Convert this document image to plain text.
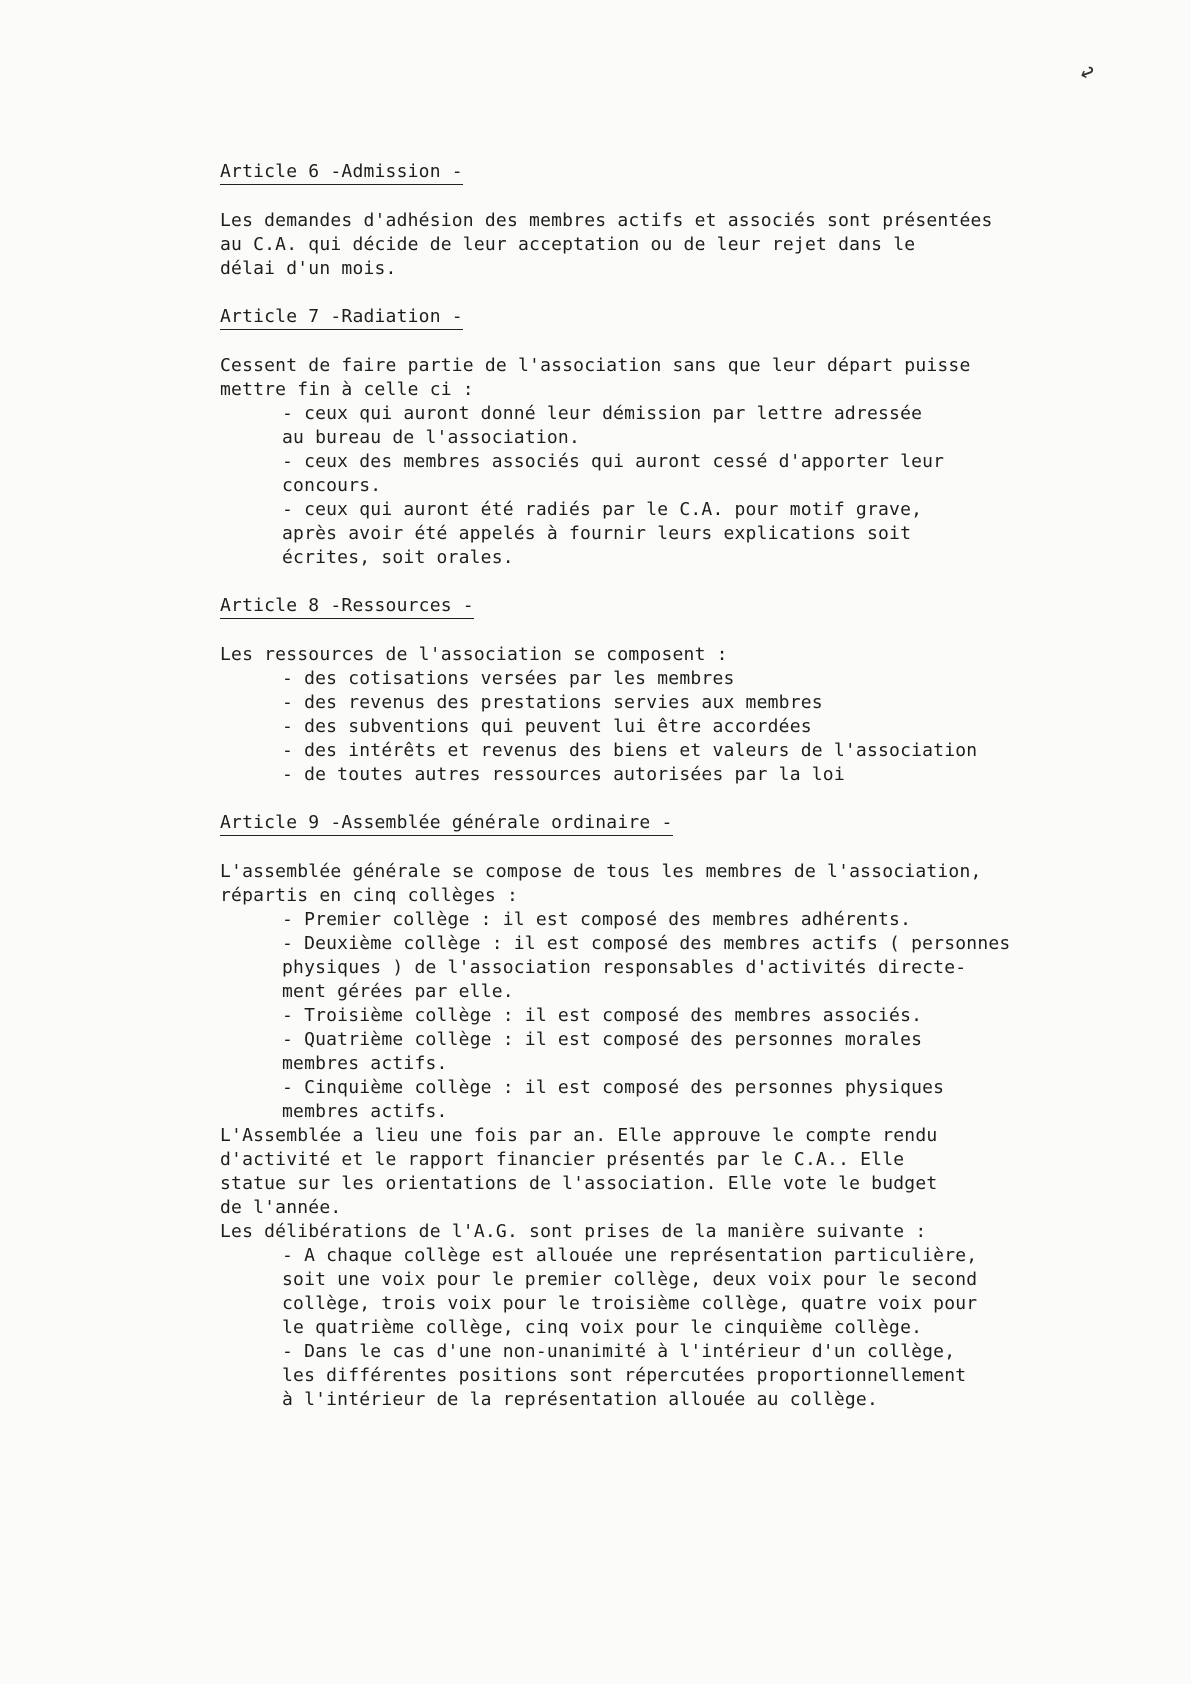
↩
Article 6 -Admission -
Les demandes d'adhésion des membres actifs et associés sont présentées
au C.A. qui décide de leur acceptation ou de leur rejet dans le
délai d'un mois.
Article 7 -Radiation -
Cessent de faire partie de l'association sans que leur départ puisse
mettre fin à celle ci :
- ceux qui auront donné leur démission par lettre adressée
au bureau de l'association.
- ceux des membres associés qui auront cessé d'apporter leur
concours.
- ceux qui auront été radiés par le C.A. pour motif grave,
après avoir été appelés à fournir leurs explications soit
écrites, soit orales.
Article 8 -Ressources -
Les ressources de l'association se composent :
- des cotisations versées par les membres
- des revenus des prestations servies aux membres
- des subventions qui peuvent lui être accordées
- des intérêts et revenus des biens et valeurs de l'association
- de toutes autres ressources autorisées par la loi
Article 9 -Assemblée générale ordinaire -
L'assemblée générale se compose de tous les membres de l'association,
répartis en cinq collèges :
- Premier collège : il est composé des membres adhérents.
- Deuxième collège : il est composé des membres actifs ( personnes
physiques ) de l'association responsables d'activités directe-
ment gérées par elle.
- Troisième collège : il est composé des membres associés.
- Quatrième collège : il est composé des personnes morales
membres actifs.
- Cinquième collège : il est composé des personnes physiques
membres actifs.
L'Assemblée a lieu une fois par an. Elle approuve le compte rendu
d'activité et le rapport financier présentés par le C.A.. Elle
statue sur les orientations de l'association. Elle vote le budget
de l'année.
Les délibérations de l'A.G. sont prises de la manière suivante :
- A chaque collège est allouée une représentation particulière,
soit une voix pour le premier collège, deux voix pour le second
collège, trois voix pour le troisième collège, quatre voix pour
le quatrième collège, cinq voix pour le cinquième collège.
- Dans le cas d'une non-unanimité à l'intérieur d'un collège,
les différentes positions sont répercutées proportionnellement
à l'intérieur de la représentation allouée au collège.
